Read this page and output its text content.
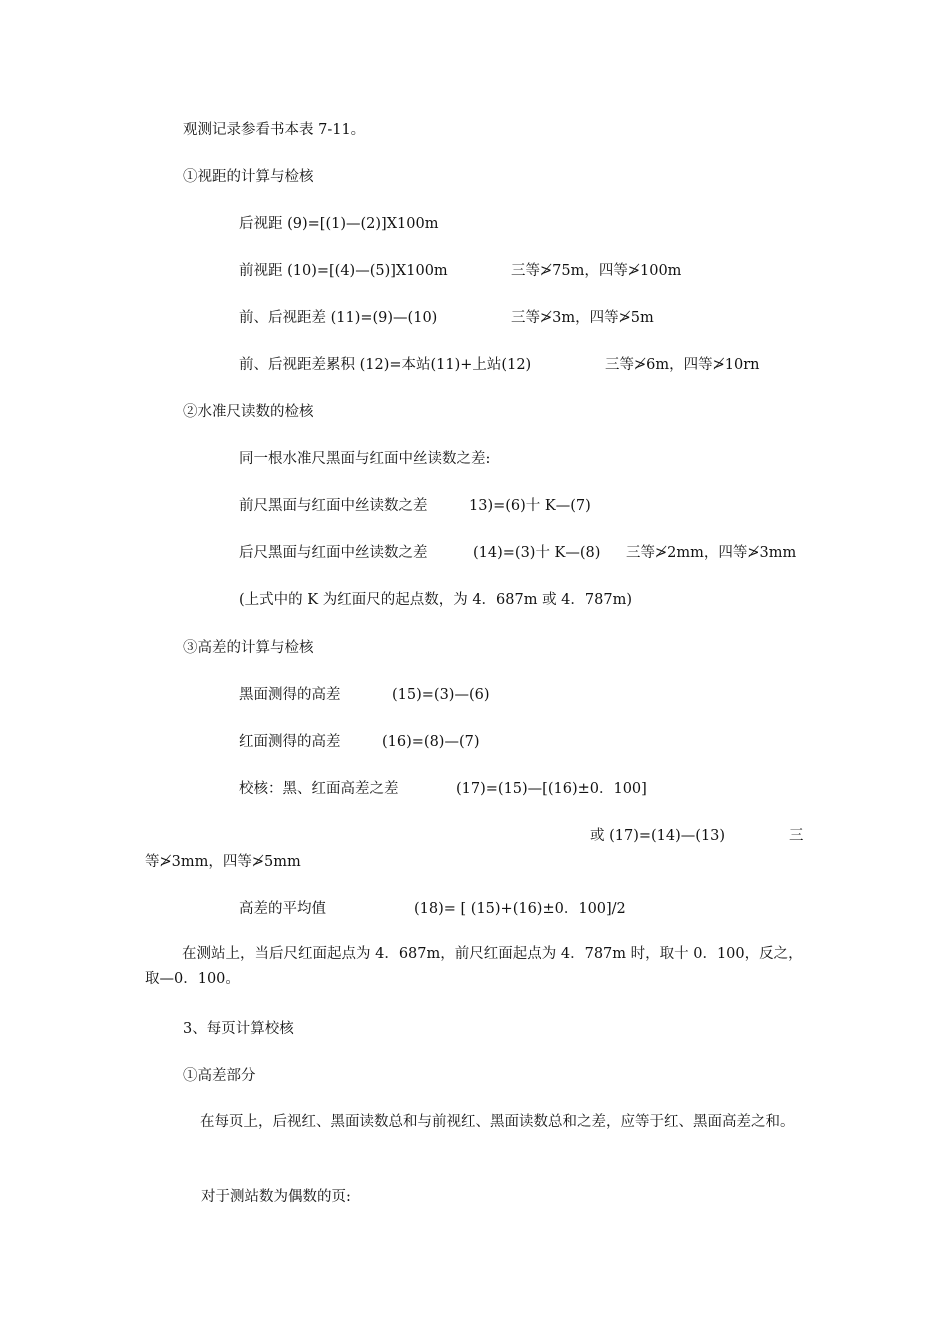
观测记录参看书本表 7-11。
①视距的计算与检核
后视距 (9)=[(1)—(2)]X100m
前视距 (10)=[(4)—(5)]X100m	三等≯75m，四等≯100m
前、后视距差 (11)=(9)—(10)	三等≯3m，四等≯5m
前、后视距差累积 (12)=本站(11)+上站(12)	三等≯6m，四等≯10rn
②水准尺读数的检核
同一根水准尺黑面与红面中丝读数之差:
前尺黑面与红面中丝读数之差	13)=(6)十 K—(7)
后尺黑面与红面中丝读数之差	(14)=(3)十 K—(8) 三等≯2mm，四等≯3mm
(上式中的 K 为红面尺的起点数，为 4．687m 或 4．787m)
③高差的计算与检核
黑面测得的高差	(15)=(3)—(6)
红面测得的高差	(16)=(8)—(7)
校核：黑、红面高差之差	(17)=(15)—[(16)±0．100]
或 (17)=(14)—(13)	三
等≯3mm，四等≯5mm
高差的平均值	(18)= [ (15)+(16)±0．100]/2
在测站上，当后尺红面起点为 4．687m，前尺红面起点为 4．787m 时，取十 0．100，反之，取—0．100。
3、每页计算校核
①高差部分
在每页上，后视红、黑面读数总和与前视红、黑面读数总和之差，应等于红、黑面高差之和。
对于测站数为偶数的页:
